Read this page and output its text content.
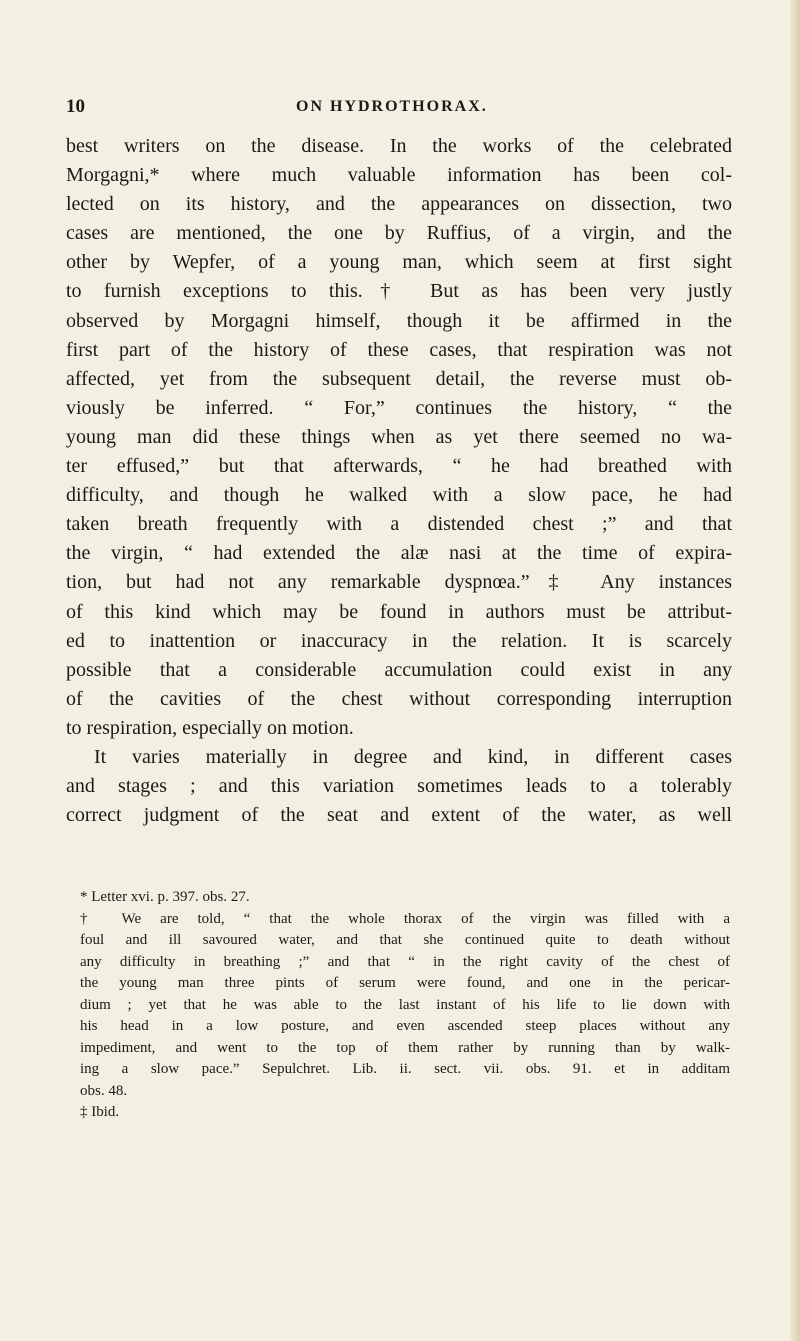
10	ON HYDROTHORAX.
best writers on the disease. In the works of the celebrated
Morgagni,* where much valuable information has been col-
lected on its history, and the appearances on dissection, two
cases are mentioned, the one by Ruffius, of a virgin, and the
other by Wepfer, of a young man, which seem at first sight
to furnish exceptions to this.† But as has been very justly
observed by Morgagni himself, though it be affirmed in the
first part of the history of these cases, that respiration was not
affected, yet from the subsequent detail, the reverse must ob-
viously be inferred. “ For,” continues the history, “ the
young man did these things when as yet there seemed no wa-
ter effused,” but that afterwards, “ he had breathed with
difficulty, and though he walked with a slow pace, he had
taken breath frequently with a distended chest ;” and that
the virgin, “ had extended the alæ nasi at the time of expira-
tion, but had not any remarkable dyspnœa.”‡ Any instances
of this kind which may be found in authors must be attribut-
ed to inattention or inaccuracy in the relation. It is scarcely
possible that a considerable accumulation could exist in any
of the cavities of the chest without corresponding interruption
to respiration, especially on motion.
It varies materially in degree and kind, in different cases
and stages ; and this variation sometimes leads to a tolerably
correct judgment of the seat and extent of the water, as well
* Letter xvi. p. 397. obs. 27.
† We are told, “ that the whole thorax of the virgin was filled with a
foul and ill savoured water, and that she continued quite to death without
any difficulty in breathing ;” and that “ in the right cavity of the chest of
the young man three pints of serum were found, and one in the pericar-
dium ; yet that he was able to the last instant of his life to lie down with
his head in a low posture, and even ascended steep places without any
impediment, and went to the top of them rather by running than by walk-
ing a slow pace.” Sepulchret. Lib. ii. sect. vii. obs. 91. et in additam
obs. 48.
‡ Ibid.
